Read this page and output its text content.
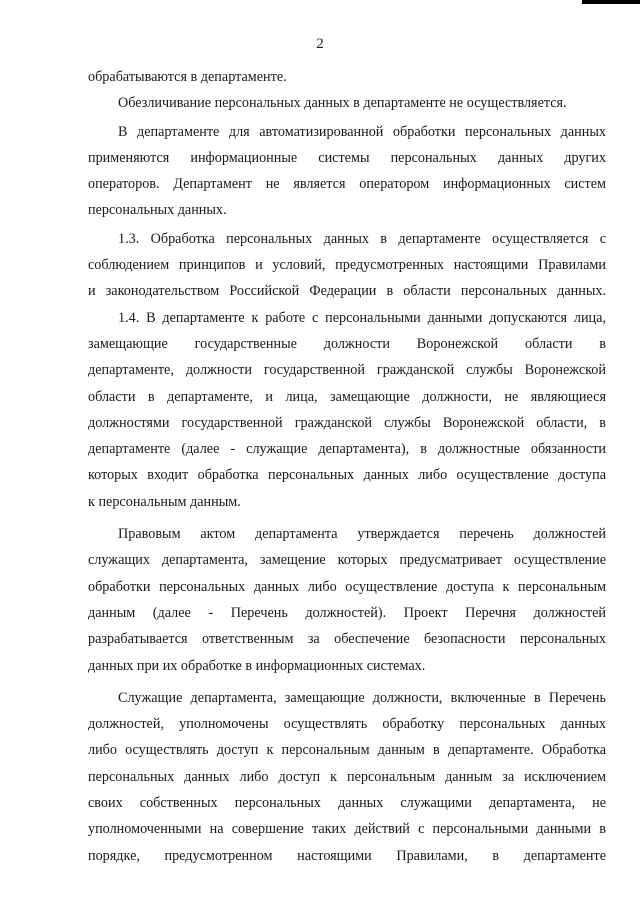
2
обрабатываются в департаменте.
Обезличивание персональных данных в департаменте не осуществляется.
В департаменте для автоматизированной обработки персональных данных
применяются информационные системы персональных данных других
операторов. Департамент не является оператором информационных систем
персональных данных.
1.3. Обработка персональных данных в департаменте осуществляется с
соблюдением принципов и условий, предусмотренных настоящими Правилами
и законодательством Российской Федерации в области персональных данных.
1.4. В департаменте к работе с персональными данными допускаются лица,
замещающие государственные должности Воронежской области в
департаменте, должности государственной гражданской службы Воронежской
области в департаменте, и лица, замещающие должности, не являющиеся
должностями государственной гражданской службы Воронежской области, в
департаменте (далее - служащие департамента), в должностные обязанности
которых входит обработка персональных данных либо осуществление доступа
к персональным данным.
Правовым актом департамента утверждается перечень должностей
служащих департамента, замещение которых предусматривает осуществление
обработки персональных данных либо осуществление доступа к персональным
данным (далее - Перечень должностей). Проект Перечня должностей
разрабатывается ответственным за обеспечение безопасности персональных
данных при их обработке в информационных системах.
Служащие департамента, замещающие должности, включенные в Перечень
должностей, уполномочены осуществлять обработку персональных данных
либо осуществлять доступ к персональным данным в департаменте. Обработка
персональных данных либо доступ к персональным данным за исключением
своих собственных персональных данных служащими департамента, не
уполномоченными на совершение таких действий с персональными данными в
порядке, предусмотренном настоящими Правилами, в департаменте
